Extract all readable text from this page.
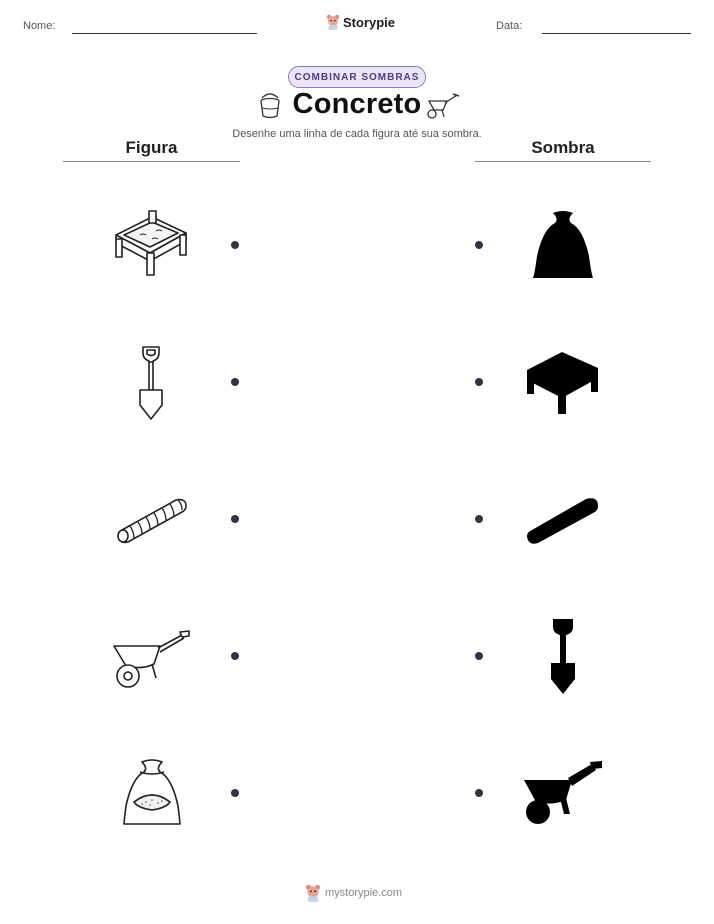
Nome:	Storypie	Data:
COMBINAR SOMBRAS
Concreto
Desenhe uma linha de cada figura até sua sombra.
Figura	Sombra
mystorypie.com
